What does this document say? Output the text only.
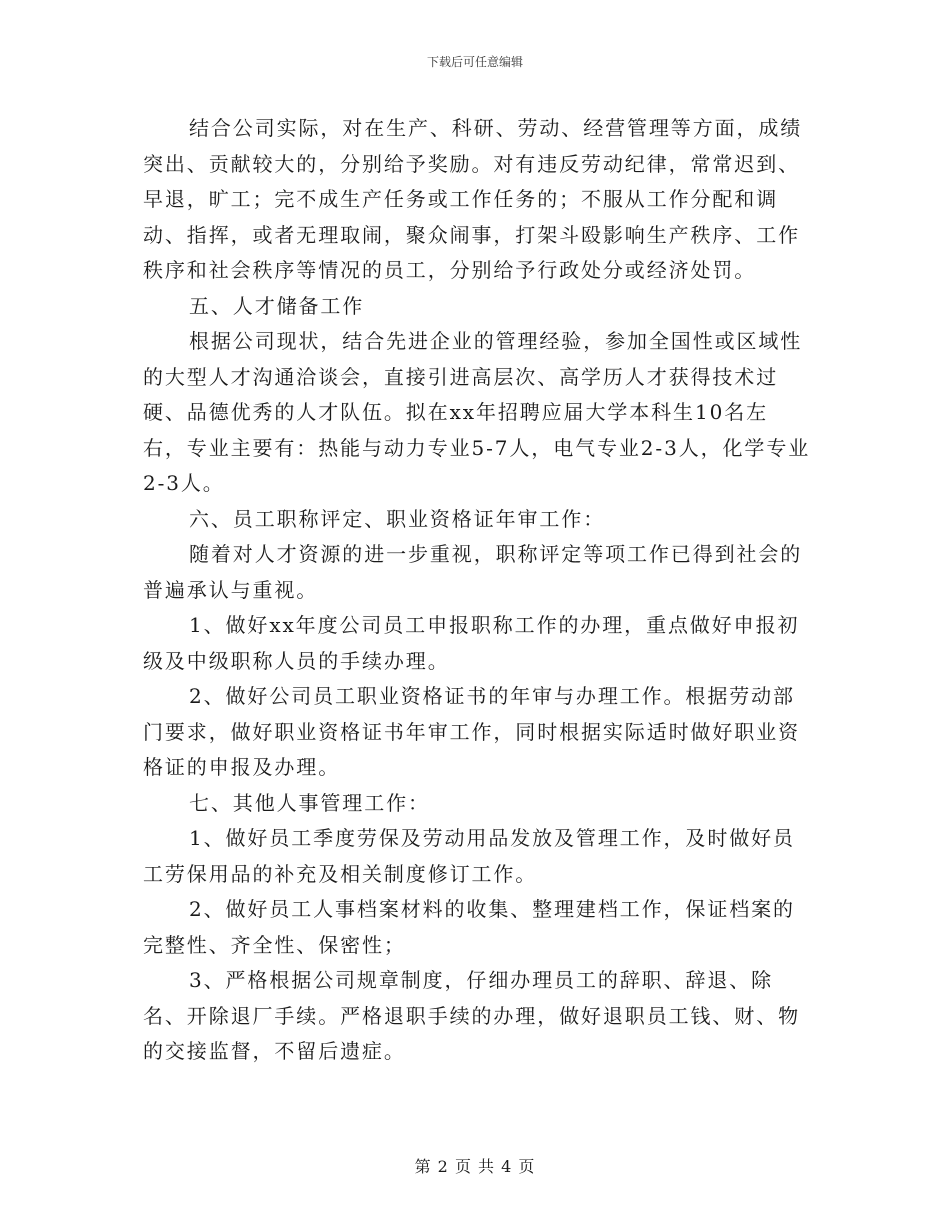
下载后可任意编辑

结合公司实际，对在生产、科研、劳动、经营管理等方面，成绩突出、贡献较大的，分别给予奖励。对有违反劳动纪律，常常迟到、早退，旷工；完不成生产任务或工作任务的；不服从工作分配和调动、指挥，或者无理取闹，聚众闹事，打架斗殴影响生产秩序、工作秩序和社会秩序等情况的员工，分别给予行政处分或经济处罚。

五、人才储备工作

根据公司现状，结合先进企业的管理经验，参加全国性或区域性的大型人才沟通洽谈会，直接引进高层次、高学历人才获得技术过硬、品德优秀的人才队伍。拟在xx年招聘应届大学本科生10名左右，专业主要有：热能与动力专业5-7人，电气专业2-3人，化学专业2-3人。

六、员工职称评定、职业资格证年审工作：

随着对人才资源的进一步重视，职称评定等项工作已得到社会的普遍承认与重视。

1、做好xx年度公司员工申报职称工作的办理，重点做好申报初级及中级职称人员的手续办理。

2、做好公司员工职业资格证书的年审与办理工作。根据劳动部门要求，做好职业资格证书年审工作，同时根据实际适时做好职业资格证的申报及办理。

七、其他人事管理工作：

1、做好员工季度劳保及劳动用品发放及管理工作，及时做好员工劳保用品的补充及相关制度修订工作。

2、做好员工人事档案材料的收集、整理建档工作，保证档案的完整性、齐全性、保密性；

3、严格根据公司规章制度，仔细办理员工的辞职、辞退、除名、开除退厂手续。严格退职手续的办理，做好退职员工钱、财、物的交接监督，不留后遗症。

第 2 页 共 4 页
